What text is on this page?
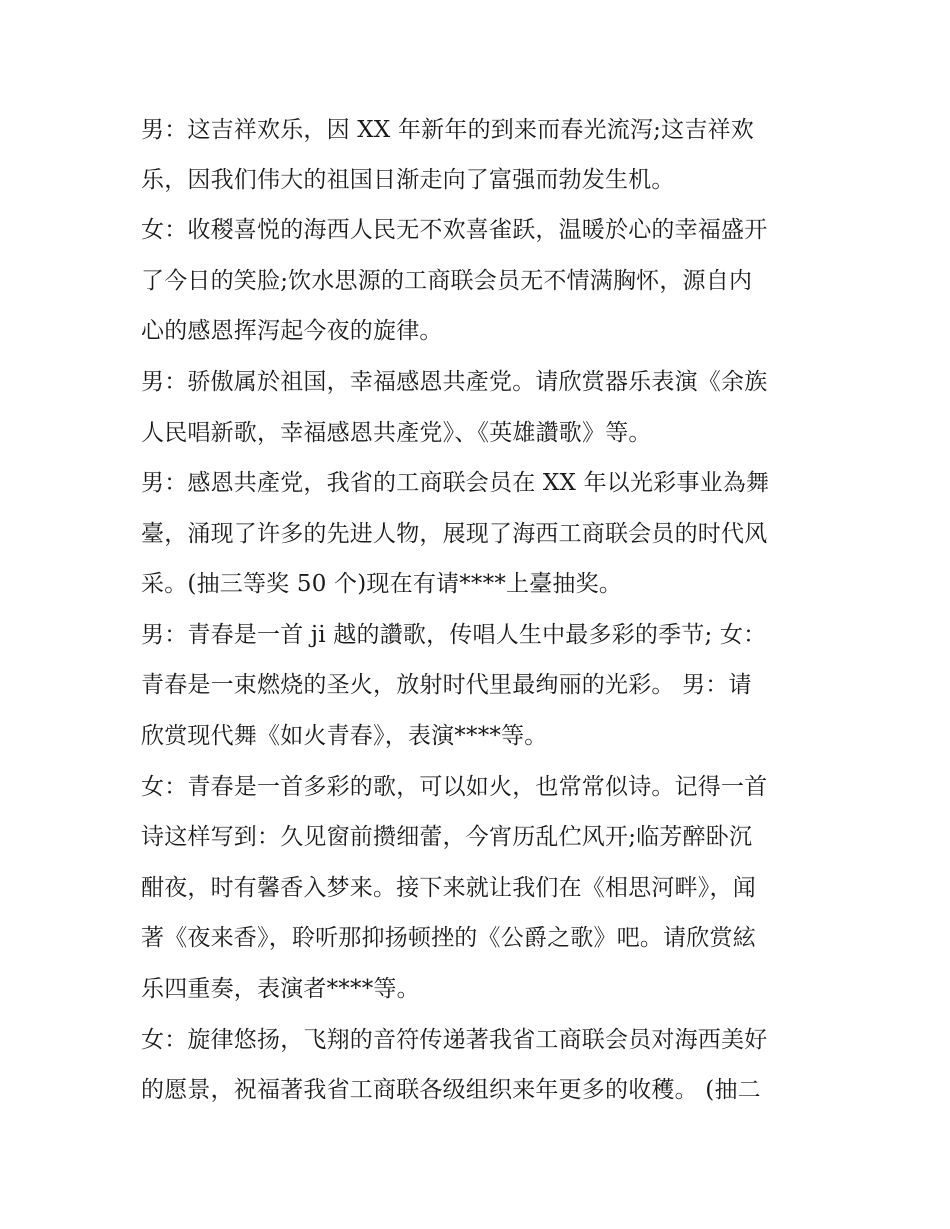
男：这吉祥欢乐，因 XX 年新年的到来而春光流泻;这吉祥欢
乐，因我们伟大的祖国日渐走向了富强而勃发生机。
女：收稯喜悦的海西人民无不欢喜雀跃，温暖於心的幸福盛开
了今日的笑脸;饮水思源的工商联会员无不情满胸怀，源自内
心的感恩挥泻起今夜的旋律。
男：骄傲属於祖国，幸福感恩共產党。请欣赏器乐表演《余族
人民唱新歌，幸福感恩共產党》、《英雄讚歌》等。
男：感恩共產党，我省的工商联会员在 XX 年以光彩事业為舞
臺，涌现了许多的先进人物，展现了海西工商联会员的时代风
采。(抽三等奖 50 个)现在有请****上臺抽奖。
男：青春是一首 ji 越的讚歌，传唱人生中最多彩的季节; 女：
青春是一束燃烧的圣火，放射时代里最绚丽的光彩。 男：请
欣赏现代舞《如火青春》，表演****等。
女：青春是一首多彩的歌，可以如火，也常常似诗。记得一首
诗这样写到：久见窗前攒细蕾，今宵历乱伫风开;临芳醉卧沉
酣夜，时有馨香入梦来。接下来就让我们在《相思河畔》，闻
著《夜来香》，聆听那抑扬顿挫的《公爵之歌》吧。请欣赏絃
乐四重奏，表演者****等。
女：旋律悠扬，飞翔的音符传递著我省工商联会员对海西美好
的愿景，祝福著我省工商联各级组织来年更多的收穫。 (抽二
